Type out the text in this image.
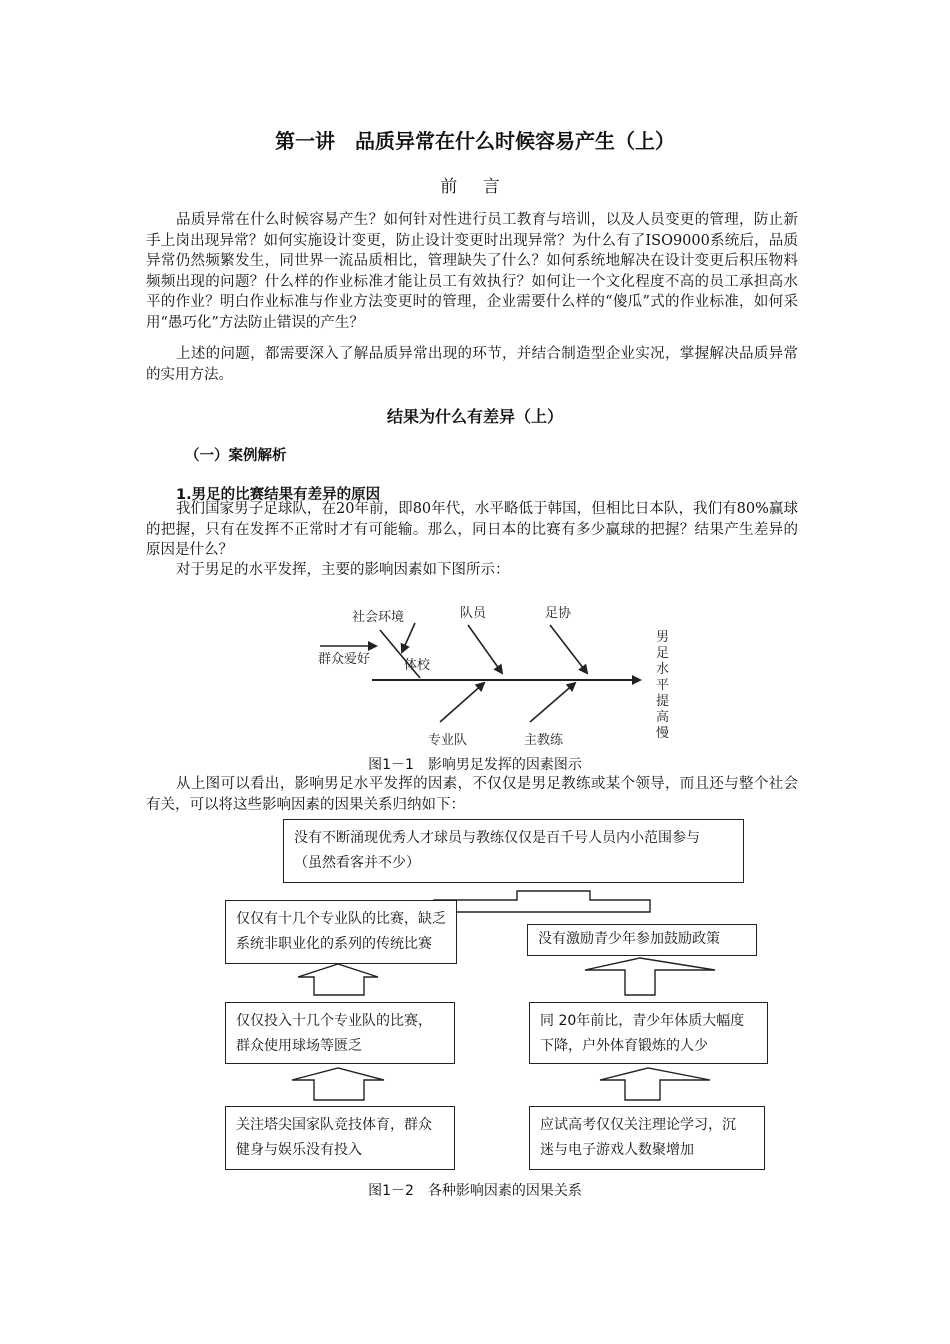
第一讲　品质异常在什么时候容易产生（上）
前 言

品质异常在什么时候容易产生？如何针对性进行员工教育与培训，以及人员变更的管理，防止新手上岗出现异常？如何实施设计变更，防止设计变更时出现异常？为什么有了ISO9000系统后，品质异常仍然频繁发生，同世界一流品质相比，管理缺失了什么？如何系统地解决在设计变更后积压物料频频出现的问题？什么样的作业标准才能让员工有效执行？如何让一个文化程度不高的员工承担高水平的作业？明白作业标准与作业方法变更时的管理，企业需要什么样的“傻瓜”式的作业标准，如何采用“愚巧化”方法防止错误的产生？

上述的问题，都需要深入了解品质异常出现的环节，并结合制造型企业实况，掌握解决品质异常的实用方法。

结果为什么有差异（上）
（一）案例解析
1.男足的比赛结果有差异的原因

我们国家男子足球队，在20年前，即80年代，水平略低于韩国，但相比日本队，我们有80%赢球的把握，只有在发挥不正常时才有可能输。那么，同日本的比赛有多少赢球的把握？结果产生差异的原因是什么？

对于男足的水平发挥，主要的影响因素如下图所示：

社会环境	队员	足协
群众爱好	体校
专业队	主教练
男
足
水
平
提
高
慢
图1－1　影响男足发挥的因素图示

从上图可以看出，影响男足水平发挥的因素，不仅仅是男足教练或某个领导，而且还与整个社会有关，可以将这些影响因素的因果关系归纳如下：

没有不断涌现优秀人才球员与教练仅仅是百千号人员内小范围参与
（虽然看客并不少）
仅仅有十几个专业队的比赛，缺乏
系统非职业化的系列的传统比赛	没有激励青少年参加鼓励政策
仅仅投入十几个专业队的比赛，
群众使用球场等匮乏
同 20年前比，青少年体质大幅度
下降，户外体育锻炼的人少
关注塔尖国家队竞技体育，群众
健身与娱乐没有投入
应试高考仅仅关注理论学习，沉
迷与电子游戏人数聚增加
图1－2　各种影响因素的因果关系
